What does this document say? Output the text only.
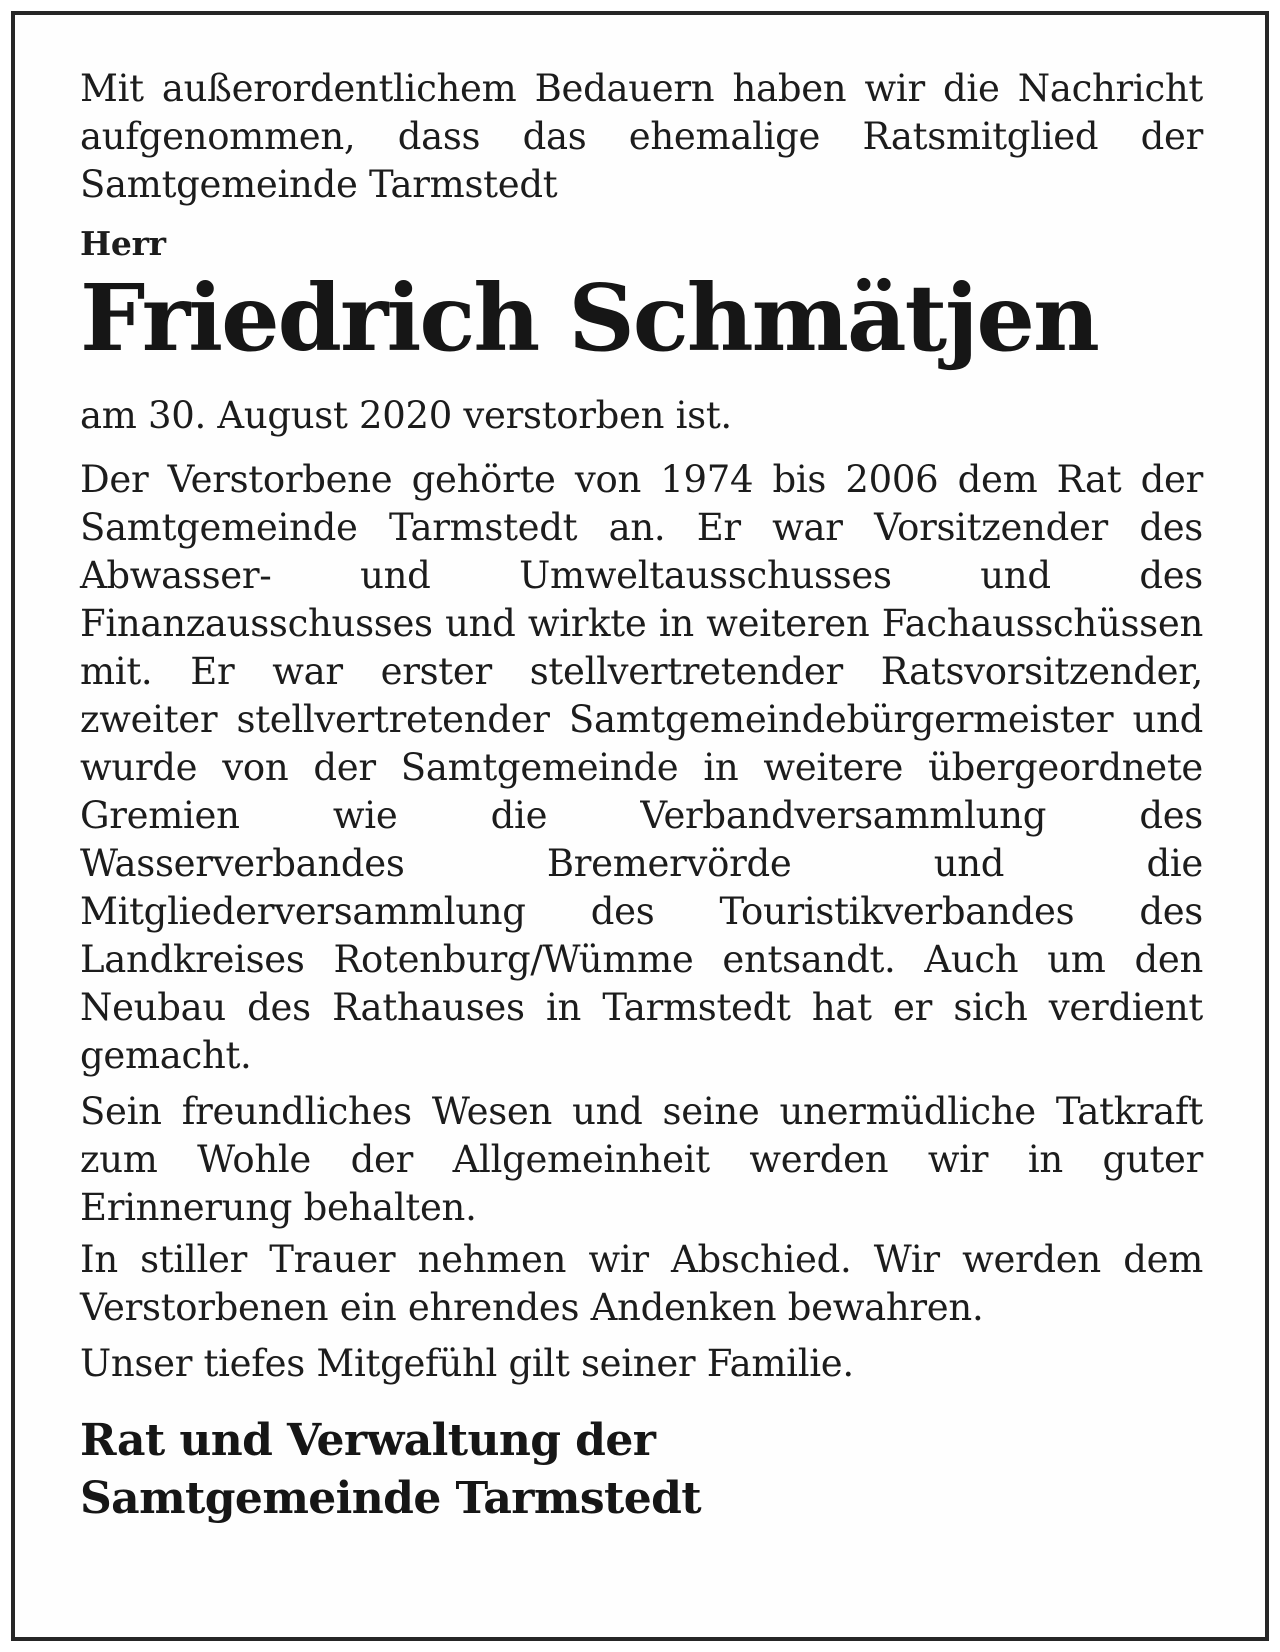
Mit außerordentlichem Bedauern haben wir die Nachricht aufgenommen, dass das ehemalige Ratsmitglied der Samtgemeinde Tarmstedt

Herr

Friedrich Schmätjen

am 30. August 2020 verstorben ist.

Der Verstorbene gehörte von 1974 bis 2006 dem Rat der Samtgemeinde Tarmstedt an. Er war Vorsitzender des Abwasser- und Umweltausschusses und des Finanzausschusses und wirkte in weiteren Fachausschüssen mit. Er war erster stellvertretender Ratsvorsitzender, zweiter stellvertretender Samtgemeindebürgermeister und wurde von der Samtgemeinde in weitere übergeordnete Gremien wie die Verbandversammlung des Wasserverbandes Bremervörde und die Mitgliederversammlung des Touristikverbandes des Landkreises Rotenburg/Wümme entsandt. Auch um den Neubau des Rathauses in Tarmstedt hat er sich verdient gemacht.

Sein freundliches Wesen und seine unermüdliche Tatkraft zum Wohle der Allgemeinheit werden wir in guter Erinnerung behalten.

In stiller Trauer nehmen wir Abschied. Wir werden dem Verstorbenen ein ehrendes Andenken bewahren.

Unser tiefes Mitgefühl gilt seiner Familie.

Rat und Verwaltung der
Samtgemeinde Tarmstedt
